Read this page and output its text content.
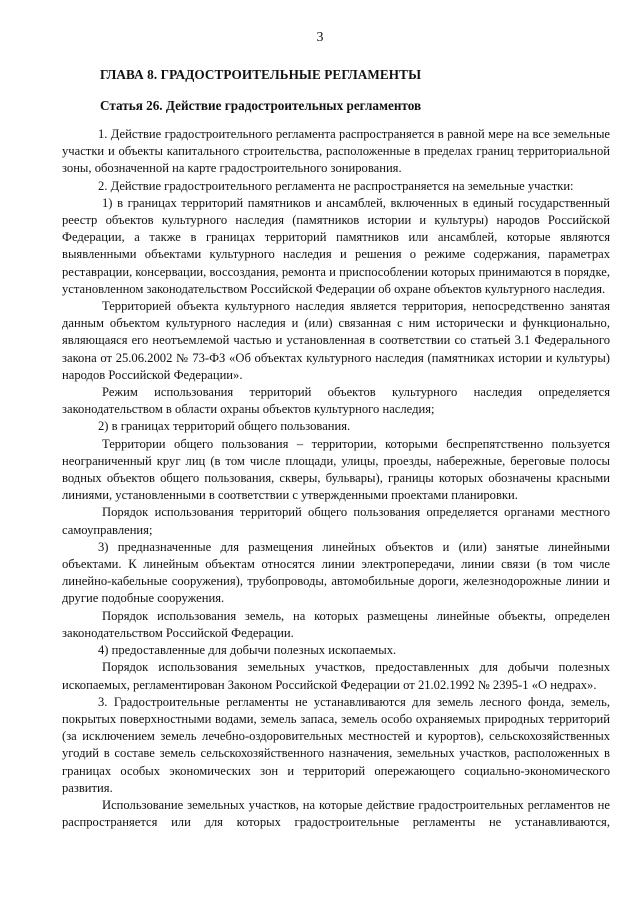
3
ГЛАВА 8. ГРАДОСТРОИТЕЛЬНЫЕ РЕГЛАМЕНТЫ
Статья 26. Действие градостроительных регламентов

1. Действие градостроительного регламента распространяется в равной мере на все земельные участки и объекты капитального строительства, расположенные в пределах границ территориальной зоны, обозначенной на карте градостроительного зонирования.

2. Действие градостроительного регламента не распространяется на земельные участки:

1) в границах территорий памятников и ансамблей, включенных в единый государственный реестр объектов культурного наследия (памятников истории и культуры) народов Российской Федерации, а также в границах территорий памятников или ансамблей, которые являются выявленными объектами культурного наследия и решения о режиме содержания, параметрах реставрации, консервации, воссоздания, ремонта и приспособлении которых принимаются в порядке, установленном законодательством Российской Федерации об охране объектов культурного наследия.

Территорией объекта культурного наследия является территория, непосредственно занятая данным объектом культурного наследия и (или) связанная с ним исторически и функционально, являющаяся его неотъемлемой частью и установленная в соответствии со статьей 3.1 Федерального закона от 25.06.2002 № 73-ФЗ «Об объектах культурного наследия (памятниках истории и культуры) народов Российской Федерации».

Режим использования территорий объектов культурного наследия определяется законодательством в области охраны объектов культурного наследия;

2) в границах территорий общего пользования.

Территории общего пользования – территории, которыми беспрепятственно пользуется неограниченный круг лиц (в том числе площади, улицы, проезды, набережные, береговые полосы водных объектов общего пользования, скверы, бульвары), границы которых обозначены красными линиями, установленными в соответствии с утвержденными проектами планировки.

Порядок использования территорий общего пользования определяется органами местного самоуправления;

3) предназначенные для размещения линейных объектов и (или) занятые линейными объектами. К линейным объектам относятся линии электропередачи, линии связи (в том числе линейно-кабельные сооружения), трубопроводы, автомобильные дороги, железнодорожные линии и другие подобные сооружения.

Порядок использования земель, на которых размещены линейные объекты, определен законодательством Российской Федерации.

4) предоставленные для добычи полезных ископаемых.

Порядок использования земельных участков, предоставленных для добычи полезных ископаемых, регламентирован Законом Российской Федерации от 21.02.1992 № 2395-1 «О недрах».

3. Градостроительные регламенты не устанавливаются для земель лесного фонда, земель, покрытых поверхностными водами, земель запаса, земель особо охраняемых природных территорий (за исключением земель лечебно-оздоровительных местностей и курортов), сельскохозяйственных угодий в составе земель сельскохозяйственного назначения, земельных участков, расположенных в границах особых экономических зон и территорий опережающего социально-экономического развития.

Использование земельных участков, на которые действие градостроительных регламентов не распространяется или для которых градостроительные регламенты не устанавливаются,
